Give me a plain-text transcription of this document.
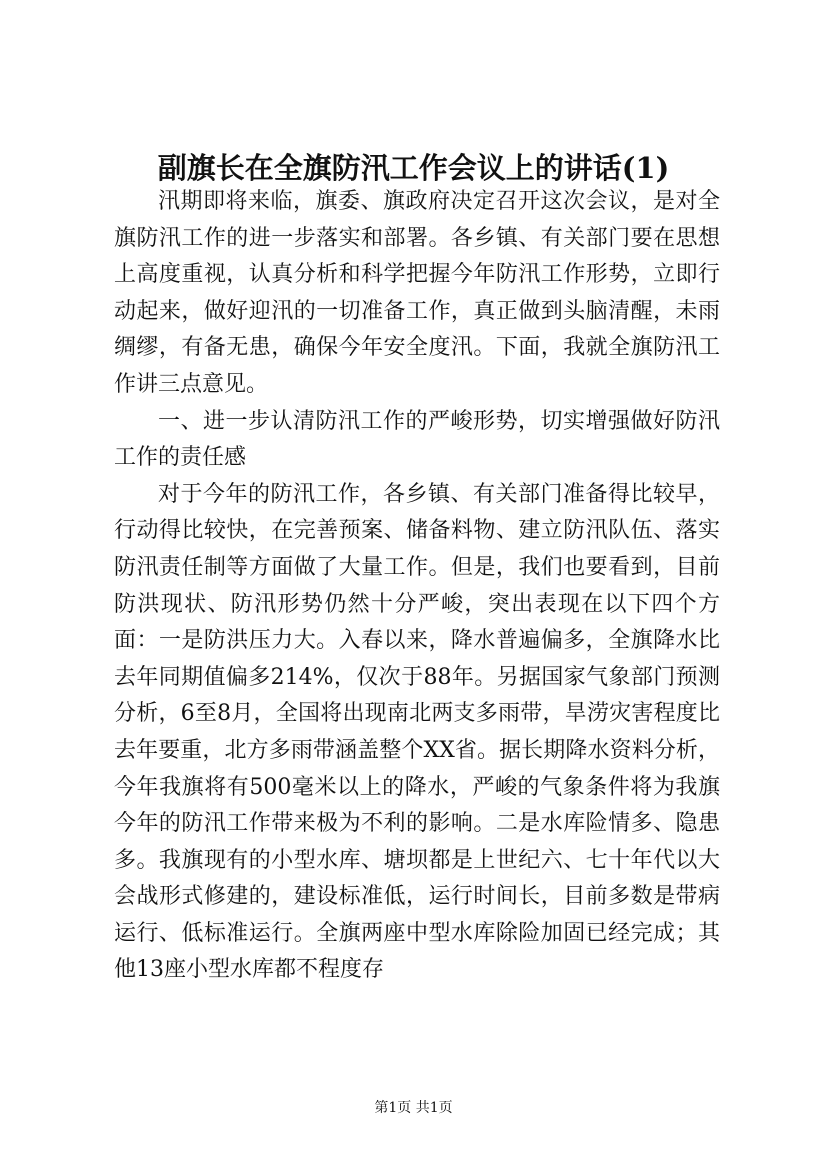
副旗长在全旗防汛工作会议上的讲话(1)

汛期即将来临，旗委、旗政府决定召开这次会议，是对全旗防汛工作的进一步落实和部署。各乡镇、有关部门要在思想上高度重视，认真分析和科学把握今年防汛工作形势，立即行动起来，做好迎汛的一切准备工作，真正做到头脑清醒，未雨绸缪，有备无患，确保今年安全度汛。下面，我就全旗防汛工作讲三点意见。

一、进一步认清防汛工作的严峻形势，切实增强做好防汛工作的责任感

对于今年的防汛工作，各乡镇、有关部门准备得比较早，行动得比较快，在完善预案、储备料物、建立防汛队伍、落实防汛责任制等方面做了大量工作。但是，我们也要看到，目前防洪现状、防汛形势仍然十分严峻，突出表现在以下四个方面：一是防洪压力大。入春以来，降水普遍偏多，全旗降水比去年同期值偏多214%，仅次于88年。另据国家气象部门预测分析，6至8月，全国将出现南北两支多雨带，旱涝灾害程度比去年要重，北方多雨带涵盖整个XX省。据长期降水资料分析，今年我旗将有500毫米以上的降水，严峻的气象条件将为我旗今年的防汛工作带来极为不利的影响。二是水库险情多、隐患多。我旗现有的小型水库、塘坝都是上世纪六、七十年代以大会战形式修建的，建设标准低，运行时间长，目前多数是带病运行、低标准运行。全旗两座中型水库除险加固已经完成；其他13座小型水库都不程度存

第1页 共1页
